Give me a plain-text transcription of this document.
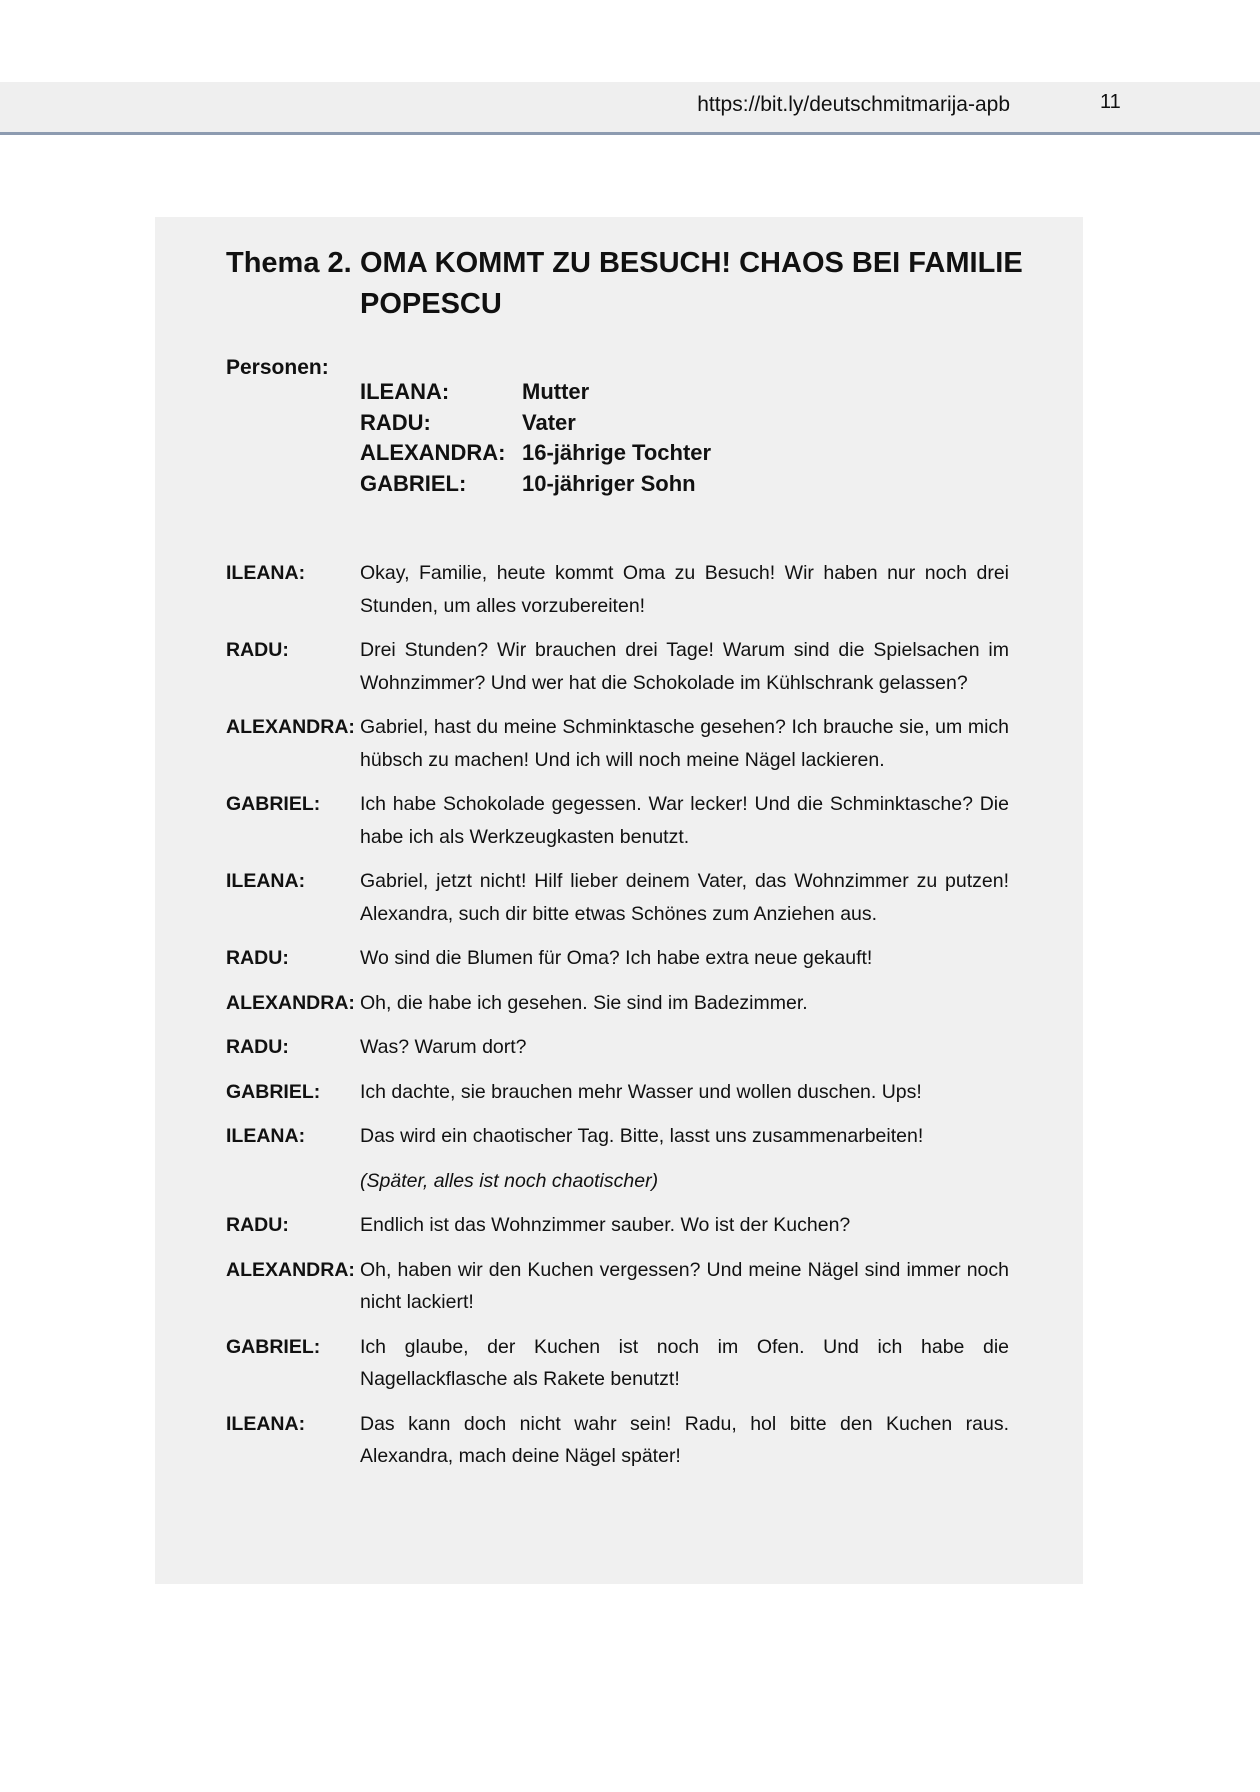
https://bit.ly/deutschmitmarija-apb	11
Thema 2. OMA KOMMT ZU BESUCH! CHAOS BEI FAMILIE POPESCU
Personen:
ILEANA:	Mutter
RADU:	Vater
ALEXANDRA: 16-jährige Tochter
GABRIEL:	10-jähriger Sohn
ILEANA:	Okay, Familie, heute kommt Oma zu Besuch! Wir haben nur noch drei Stunden, um alles vorzubereiten!
RADU:	Drei Stunden? Wir brauchen drei Tage! Warum sind die Spielsachen im Wohnzimmer? Und wer hat die Schokolade im Kühlschrank gelassen?
ALEXANDRA: Gabriel, hast du meine Schminktasche gesehen? Ich brauche sie, um mich hübsch zu machen! Und ich will noch meine Nägel lackieren.
GABRIEL: Ich habe Schokolade gegessen. War lecker! Und die Schminktasche? Die habe ich als Werkzeugkasten benutzt.
ILEANA:	Gabriel, jetzt nicht! Hilf lieber deinem Vater, das Wohnzimmer zu putzen! Alexandra, such dir bitte etwas Schönes zum Anziehen aus.
RADU:	Wo sind die Blumen für Oma? Ich habe extra neue gekauft!
ALEXANDRA: Oh, die habe ich gesehen. Sie sind im Badezimmer.
RADU:	Was? Warum dort?
GABRIEL: Ich dachte, sie brauchen mehr Wasser und wollen duschen. Ups!
ILEANA:	Das wird ein chaotischer Tag. Bitte, lasst uns zusammenarbeiten!
(Später, alles ist noch chaotischer)
RADU:	Endlich ist das Wohnzimmer sauber. Wo ist der Kuchen?
ALEXANDRA: Oh, haben wir den Kuchen vergessen? Und meine Nägel sind immer noch nicht lackiert!
GABRIEL: Ich glaube, der Kuchen ist noch im Ofen. Und ich habe die Nagellackflasche als Rakete benutzt!
ILEANA:	Das kann doch nicht wahr sein! Radu, hol bitte den Kuchen raus. Alexandra, mach deine Nägel später!
